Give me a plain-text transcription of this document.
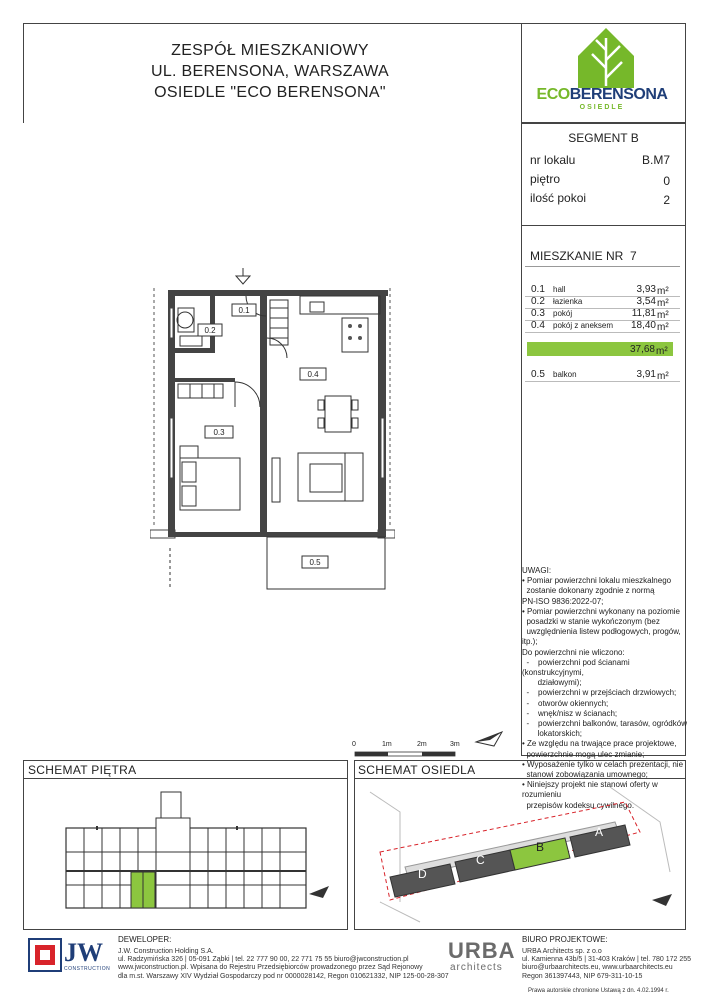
ZESPÓŁ MIESZKANIOWY
UL. BERENSONA, WARSZAWA
OSIEDLE "ECO BERENSONA"	ECOBERENSONA
OSIEDLE
SEGMENT B
nr lokalu	B.M7
piętro	0
ilość pokoi	2
MIESZKANIE NR  7
0.1 hall	3,93 m²
0.2 łazienka	3,54 m²
0.3 pokój	11,81 m²
0.4 pokój z aneksem	18,40 m²
37,68 m²
0.5 balkon	3,91 m²
UWAGI:
• Pomiar powierzchni lokalu mieszkalnego
zostanie dokonany zgodnie z normą
PN-ISO 9836:2022-07;
• Pomiar powierzchni wykonany na poziomie
posadzki w stanie wykończonym (bez
uwzględnienia listew podłogowych, progów, itp.);
Do powierzchni nie wliczono:
-    powierzchni pod ścianami (konstrukcyjnymi,
działowymi);
-    powierzchni w przejściach drzwiowych;
-    otworów okiennych;
-    wnęk/nisz w ścianach;
-    powierzchni balkonów, tarasów, ogródków
lokatorskich;
• Ze względu na trwające prace projektowe,
powierzchnie mogą ulec zmianie;
• Wyposażenie tylko w celach prezentacji, nie
stanowi zobowiązania umownego;
• Niniejszy projekt nie stanowi oferty w rozumieniu
przepisów kodeksu cywilnego.
0.1
0.2
0.3
0.4
0.5
0	1m	2m	3m
SCHEMAT PIĘTRA	SCHEMAT OSIEDLA
A
B
C
D
DEWELOPER:
JW
CONSTRUCTION
J.W. Construction Holding S.A.
ul. Radzymińska 326 | 05-091 Ząbki | tel. 22 777 90 00, 22 771 75 55 biuro@jwconstruction.pl
www.jwconstruction.pl. Wpisana do Rejestru Przedsiębiorców prowadzonego przez Sąd Rejonowy
dla m.st. Warszawy XIV Wydział Gospodarczy pod nr 0000028142, Regon 010621332, NIP 125-00-28-307
URBA
architects
BIURO PROJEKTOWE:
URBA Architects sp. z o.o
ul. Kamienna 43b/5 | 31-403 Kraków | tel. 780 172 255
biuro@urbaarchitects.eu, www.urbaarchitects.eu
Regon 361397443, NIP 679-311-10-15
Prawa autorskie chronione Ustawą z dn. 4.02.1994 r.
